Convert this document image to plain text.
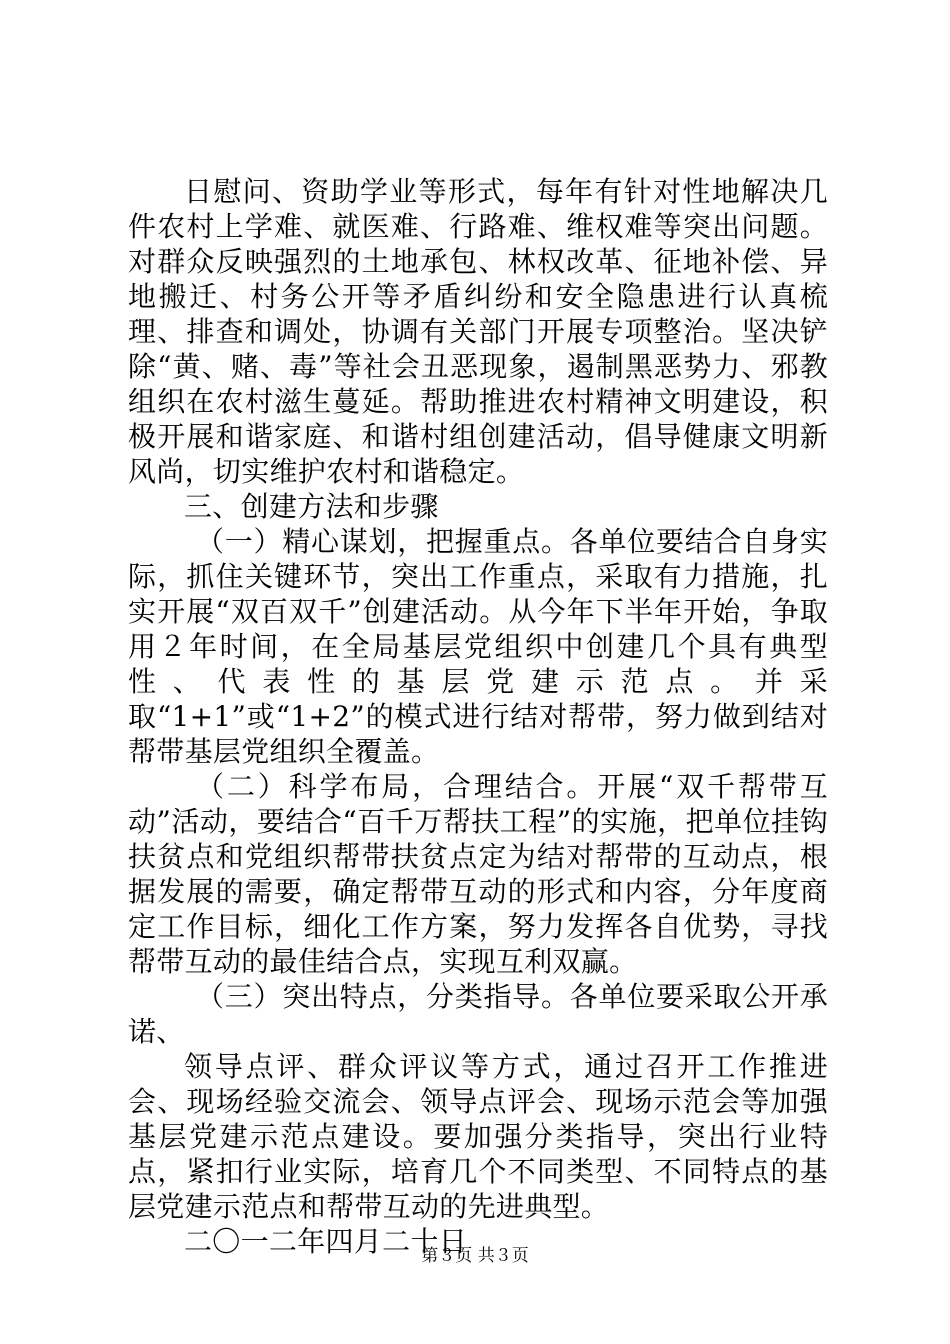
日慰问、资助学业等形式，每年有针对性地解决几件农村上学难、就医难、行路难、维权难等突出问题。对群众反映强烈的土地承包、林权改革、征地补偿、异地搬迁、村务公开等矛盾纠纷和安全隐患进行认真梳理、排查和调处，协调有关部门开展专项整治。坚决铲除“黄、赌、毒”等社会丑恶现象，遏制黑恶势力、邪教组织在农村滋生蔓延。帮助推进农村精神文明建设，积极开展和谐家庭、和谐村组创建活动，倡导健康文明新风尚，切实维护农村和谐稳定。

三、创建方法和步骤

（一）精心谋划，把握重点。各单位要结合自身实际，抓住关键环节，突出工作重点，采取有力措施，扎实开展“双百双千”创建活动。从今年下半年开始，争取用２年时间，在全局基层党组织中创建几个具有典型性、代表性的基层党建示范点。并采取“1+1”或“1+2”的模式进行结对帮带，努力做到结对帮带基层党组织全覆盖。

（二）科学布局，合理结合。开展“双千帮带互动”活动，要结合“百千万帮扶工程”的实施，把单位挂钩扶贫点和党组织帮带扶贫点定为结对帮带的互动点，根据发展的需要，确定帮带互动的形式和内容，分年度商定工作目标，细化工作方案，努力发挥各自优势，寻找帮带互动的最佳结合点，实现互利双赢。

（三）突出特点，分类指导。各单位要采取公开承诺、

领导点评、群众评议等方式，通过召开工作推进会、现场经验交流会、领导点评会、现场示范会等加强基层党建示范点建设。要加强分类指导，突出行业特点，紧扣行业实际，培育几个不同类型、不同特点的基层党建示范点和帮带互动的先进典型。

二〇一二年四月二十日

第３页 共３页
